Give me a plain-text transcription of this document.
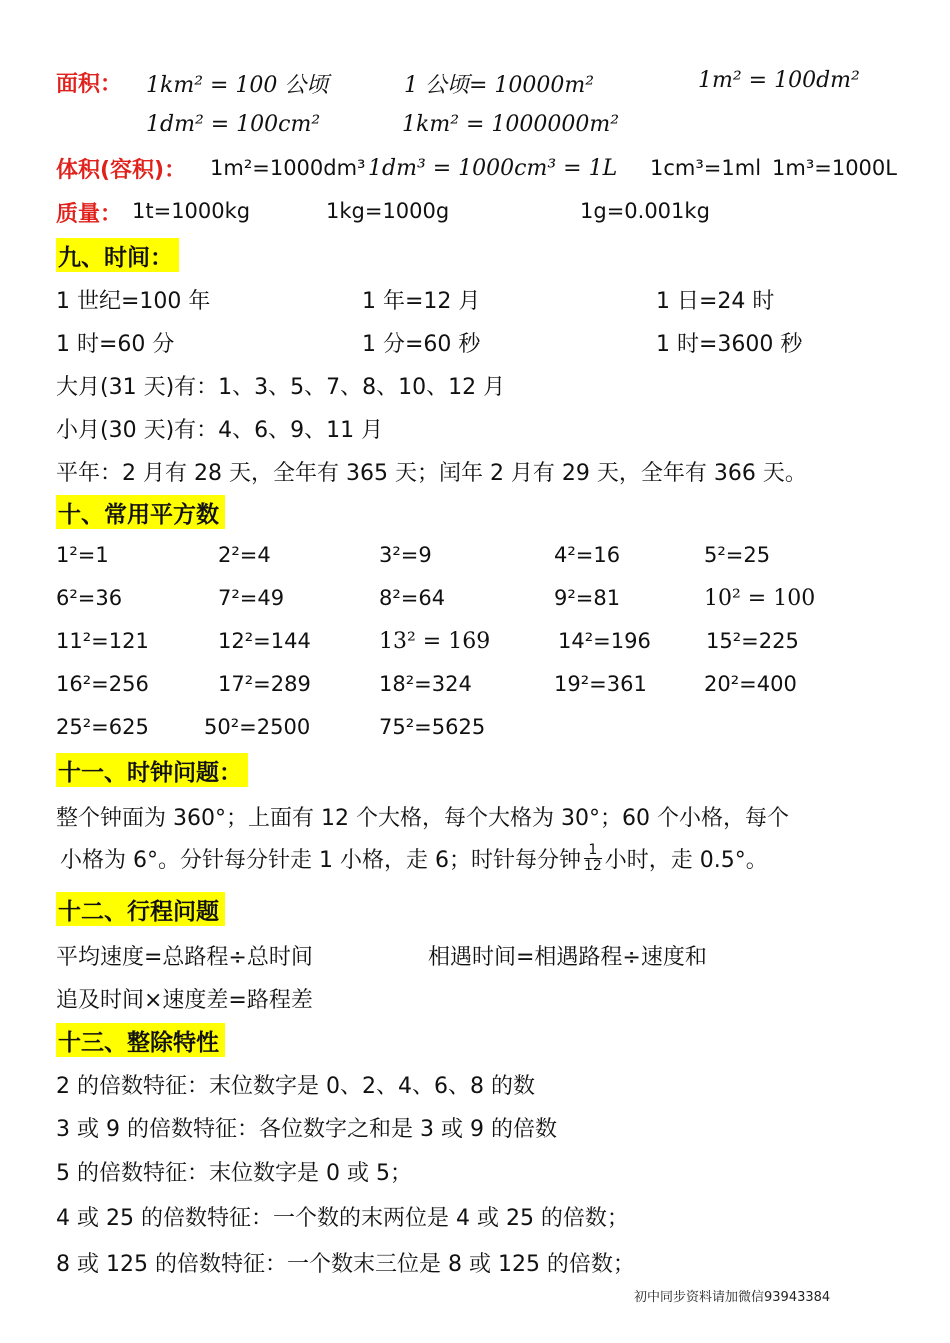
面积： 1km² = 100 公顷	1 公顷= 10000m²	1m² = 100dm²
1dm² = 100cm²	1km² = 1000000m²
体积(容积)： 1m²=1000dm³ 1dm³ = 1000cm³ = 1L 1cm³=1ml 1m³=1000L
质量： 1t=1000kg	1kg=1000g	1g=0.001kg
九、时间：
1 世纪=100 年	1 年=12 月	1 日=24 时
1 时=60 分	1 分=60 秒	1 时=3600 秒
大月(31 天)有：1、3、5、7、8、10、12 月
小月(30 天)有：4、6、9、11 月
平年：2 月有 28 天，全年有 365 天；闰年 2 月有 29 天，全年有 366 天。
十、常用平方数
1²=1	2²=4	3²=9	4²=16	5²=25
6²=36	7²=49	8²=64	9²=81	10² = 100
11²=121	12²=144	13² = 169	14²=196	15²=225
16²=256	17²=289	18²=324	19²=361	20²=400
25²=625	50²=2500	75²=5625
十一、时钟问题：
整个钟面为 360°；上面有 12 个大格，每个大格为 30°；60 个小格，每个
小格为 6°。分针每分针走 1 小格，走 6；时针每分钟 $\frac{1}{12}$ 小时，走 0.5°。
十二、行程问题
平均速度=总路程÷总时间	相遇时间=相遇路程÷速度和
追及时间×速度差=路程差
十三、整除特性
2 的倍数特征：末位数字是 0、2、4、6、8 的数
3 或 9 的倍数特征：各位数字之和是 3 或 9 的倍数
5 的倍数特征：末位数字是 0 或 5；
4 或 25 的倍数特征：一个数的末两位是 4 或 25 的倍数；
8 或 125 的倍数特征：一个数末三位是 8 或 125 的倍数；
初中同步资料请加微信93943384
